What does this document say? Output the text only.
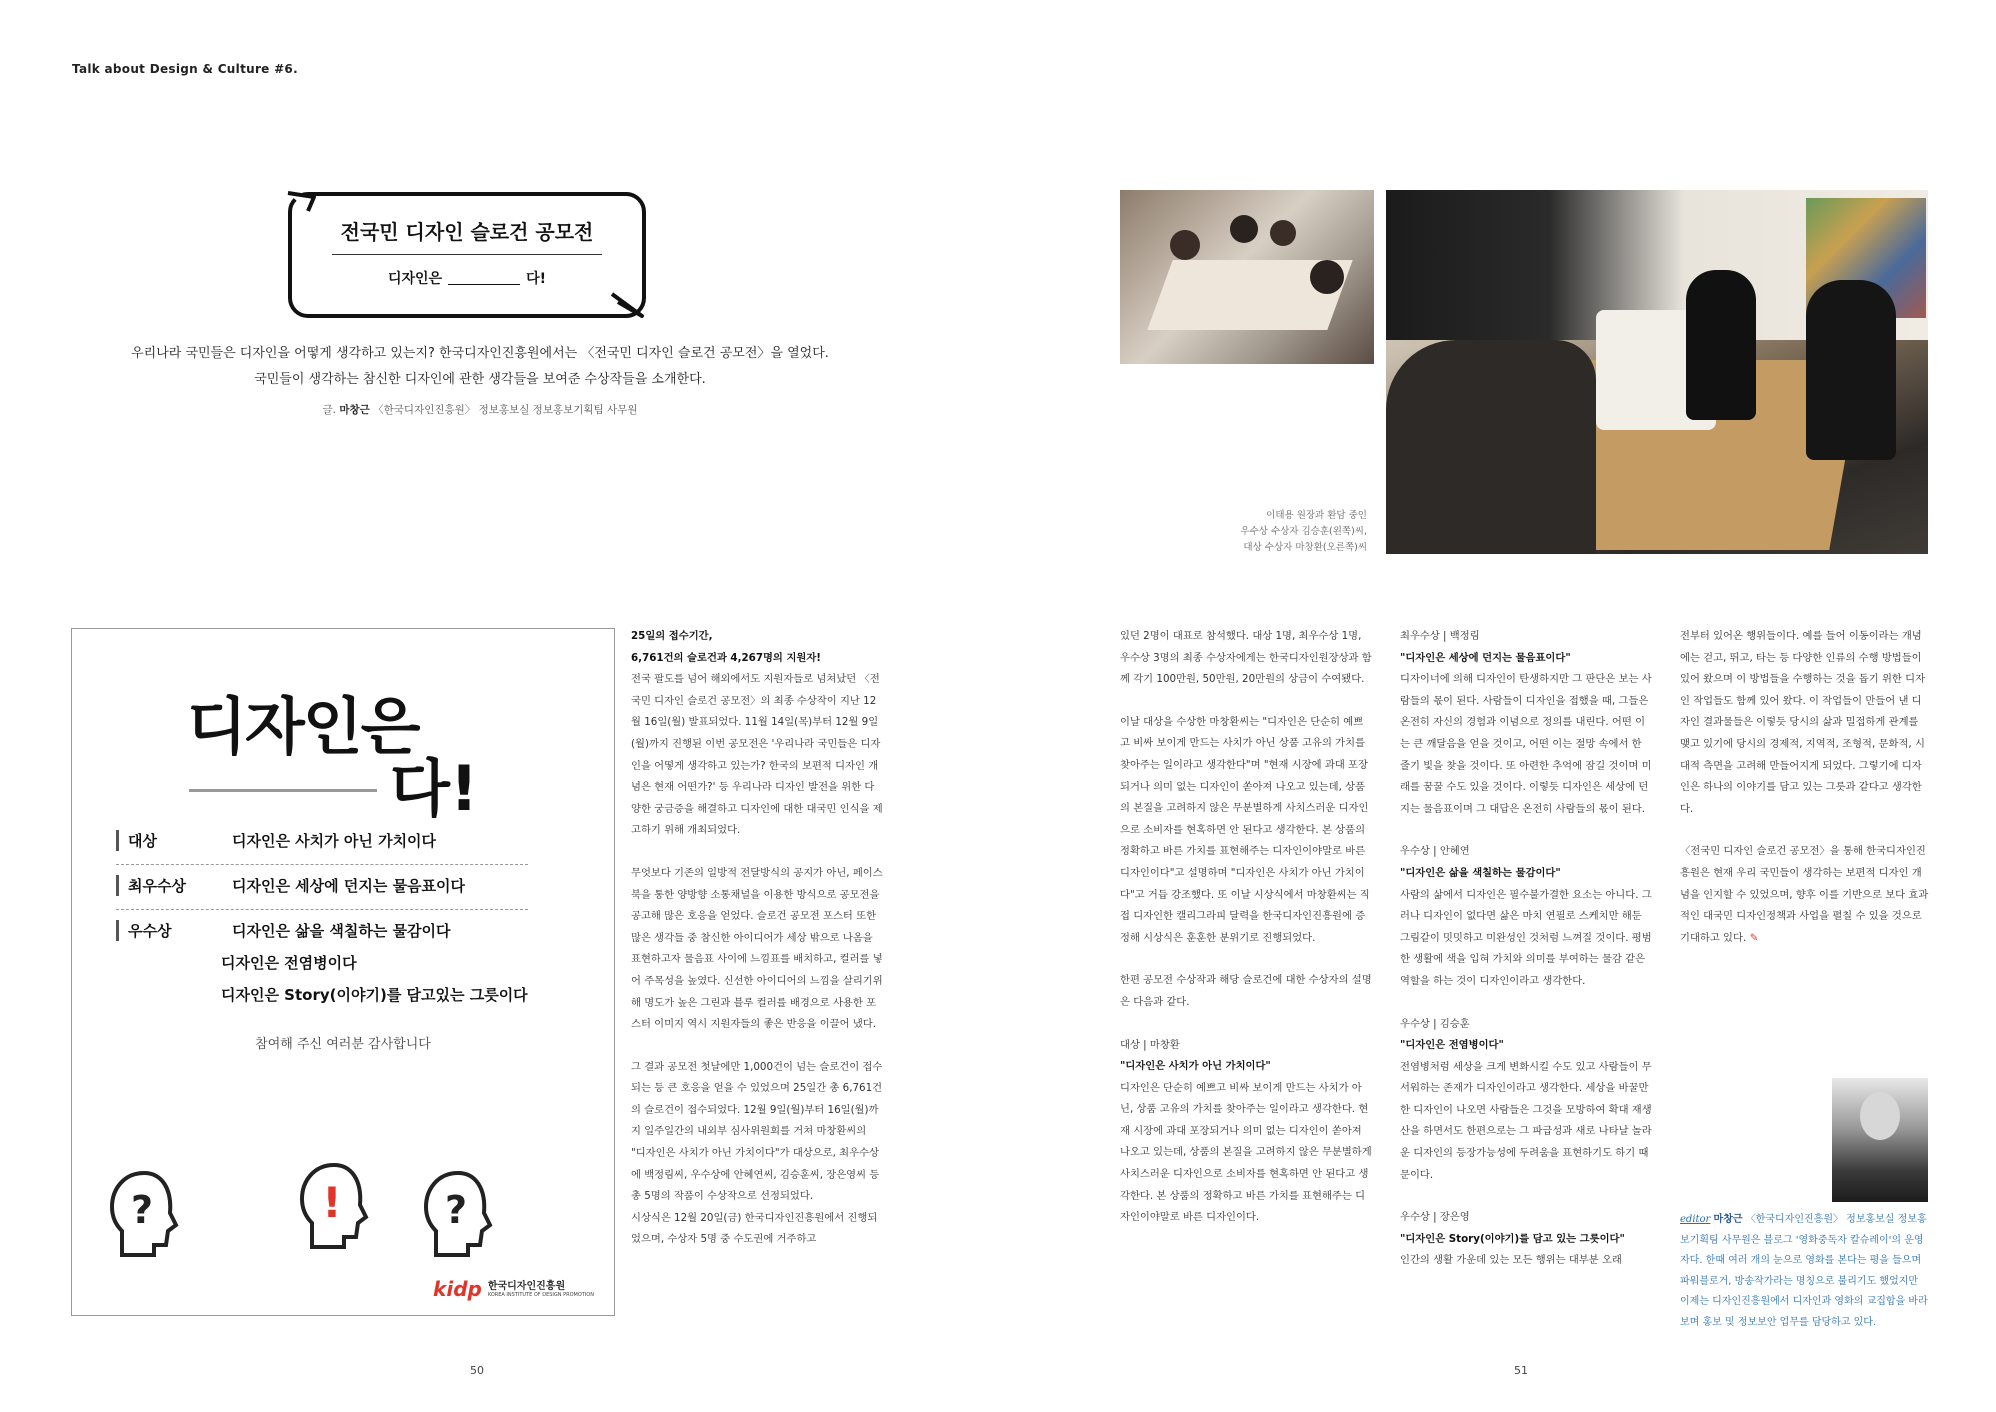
Talk about Design & Culture #6.
전국민 디자인 슬로건 공모전
디자인은	다!
우리나라 국민들은 디자인을 어떻게 생각하고 있는지? 한국디자인진흥원에서는 〈전국민 디자인 슬로건 공모전〉을 열었다.
국민들이 생각하는 참신한 디자인에 관한 생각들을 보여준 수상작들을 소개한다.
글. 마창근 〈한국디자인진흥원〉 정보홍보실 정보홍보기획팀 사무원
이태용 원장과 환담 중인
우수상 수상자 김승훈(왼쪽)씨,
대상 수상자 마창환(오른쪽)씨
디자인은
다!
대상	디자인은 사치가 아닌 가치이다
최우수상	디자인은 세상에 던지는 물음표이다
우수상	디자인은 삶을 색칠하는 물감이다
디자인은 전염병이다
디자인은 Story(이야기)를 담고있는 그릇이다
참여해 주신 여러분 감사합니다
?	!	?
kidp 한국디자인진흥원
KOREA INSTITUTE OF DESIGN PROMOTION
25일의 접수기간,
6,761건의 슬로건과 4,267명의 지원자!

전국 팔도를 넘어 해외에서도 지원자들로 넘쳐났던 〈전국민 디자인 슬로건 공모전〉의 최종 수상작이 지난 12월 16일(월) 발표되었다. 11월 14일(목)부터 12월 9일(월)까지 진행된 이번 공모전은 '우리나라 국민들은 디자인을 어떻게 생각하고 있는가? 한국의 보편적 디자인 개념은 현재 어떤가?' 등 우리나라 디자인 발전을 위한 다양한 궁금증을 해결하고 디자인에 대한 대국민 인식을 제고하기 위해 개최되었다.

무엇보다 기존의 일방적 전달방식의 공지가 아닌, 페이스북을 통한 양방향 소통채널을 이용한 방식으로 공모전을 공고해 많은 호응을 얻었다. 슬로건 공모전 포스터 또한 많은 생각들 중 참신한 아이디어가 세상 밖으로 나옴을 표현하고자 물음표 사이에 느낌표를 배치하고, 컬러를 넣어 주목성을 높였다. 신선한 아이디어의 느낌을 살리기위해 명도가 높은 그린과 블루 컬러를 배경으로 사용한 포스터 이미지 역시 지원자들의 좋은 반응을 이끌어 냈다.

그 결과 공모전 첫날에만 1,000건이 넘는 슬로건이 접수되는 등 큰 호응을 얻을 수 있었으며 25일간 총 6,761건의 슬로건이 접수되었다. 12월 9일(월)부터 16일(월)까지 일주일간의 내외부 심사위원회를 거쳐 마창환씨의 "디자인은 사치가 아닌 가치이다"가 대상으로, 최우수상에 백정림씨, 우수상에 안혜연씨, 김승훈씨, 장은영씨 등 총 5명의 작품이 수상작으로 선정되었다.

시상식은 12월 20일(금) 한국디자인진흥원에서 진행되었으며, 수상자 5명 중 수도권에 거주하고

있던 2명이 대표로 참석했다. 대상 1명, 최우수상 1명, 우수상 3명의 최종 수상자에게는 한국디자인원장상과 함께 각기 100만원, 50만원, 20만원의 상금이 수여됐다.

이날 대상을 수상한 마창환씨는 "디자인은 단순히 예쁘고 비싸 보이게 만드는 사치가 아닌 상품 고유의 가치를 찾아주는 일이라고 생각한다"며 "현재 시장에 과대 포장되거나 의미 없는 디자인이 쏟아져 나오고 있는데, 상품의 본질을 고려하지 않은 무분별하게 사치스러운 디자인으로 소비자를 현혹하면 안 된다고 생각한다. 본 상품의 정확하고 바른 가치를 표현해주는 디자인이야말로 바른 디자인이다"고 설명하며 "디자인은 사치가 아닌 가치이다"고 거듭 강조했다. 또 이날 시상식에서 마창환씨는 직접 디자인한 캘리그라피 달력을 한국디자인진흥원에 증정해 시상식은 훈훈한 분위기로 진행되었다.

한편 공모전 수상작과 해당 슬로건에 대한 수상자의 설명은 다음과 같다.

대상 | 마창환
"디자인은 사치가 아닌 가치이다"
디자인은 단순히 예쁘고 비싸 보이게 만드는 사치가 아닌, 상품 고유의 가치를 찾아주는 일이라고 생각한다. 현재 시장에 과대 포장되거나 의미 없는 디자인이 쏟아져 나오고 있는데, 상품의 본질을 고려하지 않은 무분별하게 사치스러운 디자인으로 소비자를 현혹하면 안 된다고 생각한다. 본 상품의 정확하고 바른 가치를 표현해주는 디자인이야말로 바른 디자인이다.
최우수상 | 백정림
"디자인은 세상에 던지는 물음표이다"

디자이너에 의해 디자인이 탄생하지만 그 판단은 보는 사람들의 몫이 된다. 사람들이 디자인을 접했을 때, 그들은 온전히 자신의 경험과 이념으로 정의를 내린다. 어떤 이는 큰 깨달음을 얻을 것이고, 어떤 이는 절망 속에서 한 줄기 빛을 찾을 것이다. 또 아련한 추억에 잠길 것이며 미래를 꿈꿀 수도 있을 것이다. 이렇듯 디자인은 세상에 던지는 물음표이며 그 대답은 온전히 사람들의 몫이 된다.

우수상 | 안혜연
"디자인은 삶을 색칠하는 물감이다"

사람의 삶에서 디자인은 필수불가결한 요소는 아니다. 그러나 디자인이 없다면 삶은 마치 연필로 스케치만 해둔 그림같이 밋밋하고 미완성인 것처럼 느껴질 것이다. 평범한 생활에 색을 입혀 가치와 의미를 부여하는 물감 같은 역할을 하는 것이 디자인이라고 생각한다.

우수상 | 김승훈
"디자인은 전염병이다"

전염병처럼 세상을 크게 변화시킬 수도 있고 사람들이 무서워하는 존재가 디자인이라고 생각한다. 세상을 바꿀만한 디자인이 나오면 사람들은 그것을 모방하여 확대 재생산을 하면서도 한편으로는 그 파급성과 새로 나타날 놀라운 디자인의 등장가능성에 두려움을 표현하기도 하기 때문이다.

우수상 | 장은영
"디자인은 Story(이야기)를 담고 있는 그릇이다"
인간의 생활 가운데 있는 모든 행위는 대부분 오래

전부터 있어온 행위들이다. 예를 들어 이동이라는 개념에는 걷고, 뛰고, 타는 등 다양한 인류의 수행 방법들이 있어 왔으며 이 방법들을 수행하는 것을 돕기 위한 디자인 작업들도 함께 있어 왔다. 이 작업들이 만들어 낸 디자인 결과물들은 이렇듯 당시의 삶과 밀접하게 관계를 맺고 있기에 당시의 경제적, 지역적, 조형적, 문화적, 시대적 측면을 고려해 만들어지게 되었다. 그렇기에 디자인은 하나의 이야기를 담고 있는 그릇과 같다고 생각한다.

〈전국민 디자인 슬로건 공모전〉을 통해 한국디자인진흥원은 현재 우리 국민들이 생각하는 보편적 디자인 개념을 인지할 수 있었으며, 향후 이를 기반으로 보다 효과적인 대국민 디자인정책과 사업을 펼칠 수 있을 것으로 기대하고 있다. ✎
editor 마창근 〈한국디자인진흥원〉 정보홍보실 정보홍보기획팀 사무원은 블로그 '영화중독자 칼슈레이'의 운영자다. 한때 여러 개의 눈으로 영화를 본다는 평을 들으며 파워블로거, 방송작가라는 명칭으로 불리기도 했었지만 이제는 디자인진흥원에서 디자인과 영화의 교집합을 바라보며 홍보 및 정보보안 업무를 담당하고 있다.
50	51
